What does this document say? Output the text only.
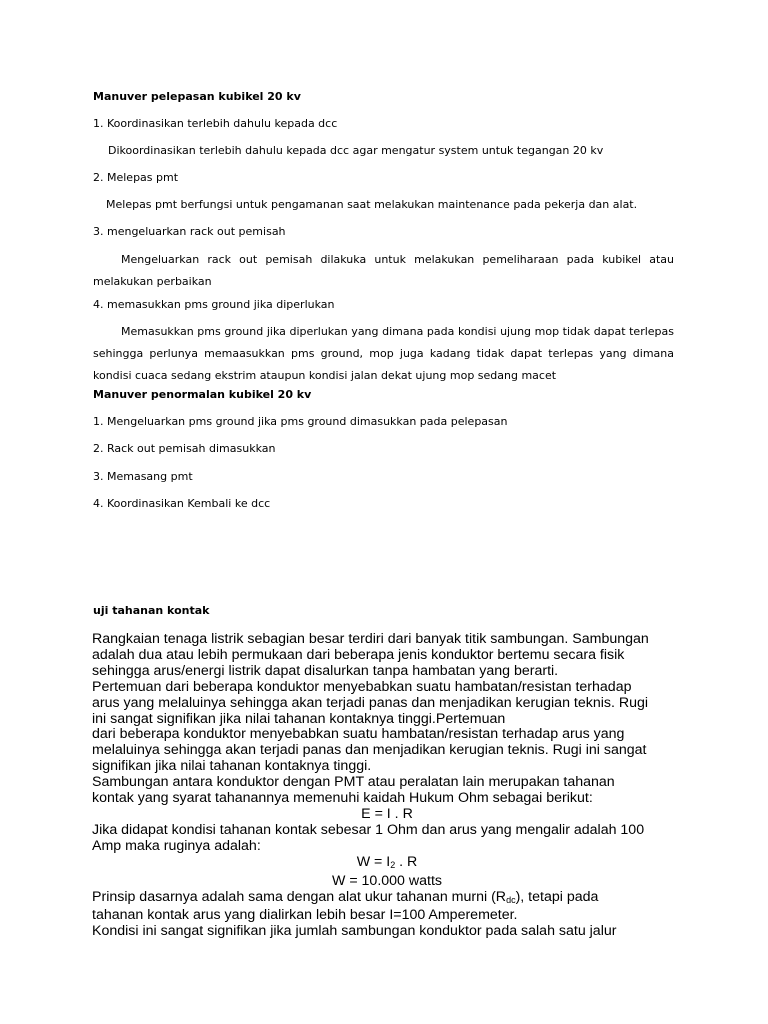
Manuver pelepasan kubikel 20 kv
1. Koordinasikan terlebih dahulu kepada dcc
Dikoordinasikan terlebih dahulu kepada dcc agar mengatur system untuk tegangan 20 kv
2. Melepas pmt
Melepas pmt berfungsi untuk pengamanan saat melakukan maintenance pada pekerja dan alat.
3. mengeluarkan rack out pemisah
Mengeluarkan rack out pemisah dilakuka untuk melakukan pemeliharaan pada kubikel atau melakukan perbaikan
4. memasukkan pms ground jika diperlukan
Memasukkan pms ground jika diperlukan yang dimana pada kondisi ujung mop tidak dapat terlepas sehingga perlunya memaasukkan pms ground, mop juga kadang tidak dapat terlepas yang dimana kondisi cuaca sedang ekstrim ataupun kondisi jalan dekat ujung mop sedang macet
Manuver penormalan kubikel 20 kv
1. Mengeluarkan pms ground jika pms ground dimasukkan pada pelepasan
2. Rack out pemisah dimasukkan
3. Memasang pmt
4. Koordinasikan Kembali ke dcc
uji tahanan kontak
Rangkaian tenaga listrik sebagian besar terdiri dari banyak titik sambungan. Sambungan
adalah dua atau lebih permukaan dari beberapa jenis konduktor bertemu secara fisik
sehingga arus/energi listrik dapat disalurkan tanpa hambatan yang berarti.
Pertemuan dari beberapa konduktor menyebabkan suatu hambatan/resistan terhadap
arus yang melaluinya sehingga akan terjadi panas dan menjadikan kerugian teknis. Rugi
ini sangat signifikan jika nilai tahanan kontaknya tinggi.Pertemuan
dari beberapa konduktor menyebabkan suatu hambatan/resistan terhadap arus yang
melaluinya sehingga akan terjadi panas dan menjadikan kerugian teknis. Rugi ini sangat
signifikan jika nilai tahanan kontaknya tinggi.
Sambungan antara konduktor dengan PMT atau peralatan lain merupakan tahanan
kontak yang syarat tahanannya memenuhi kaidah Hukum Ohm sebagai berikut:
E = I . R
Jika didapat kondisi tahanan kontak sebesar 1 Ohm dan arus yang mengalir adalah 100
Amp maka ruginya adalah:
$W = I_2$ . R
W = 10.000 watts
Prinsip dasarnya adalah sama dengan alat ukur tahanan murni $(R_{dc})$, tetapi pada
tahanan kontak arus yang dialirkan lebih besar I=100 Amperemeter.
Kondisi ini sangat signifikan jika jumlah sambungan konduktor pada salah satu jalur
